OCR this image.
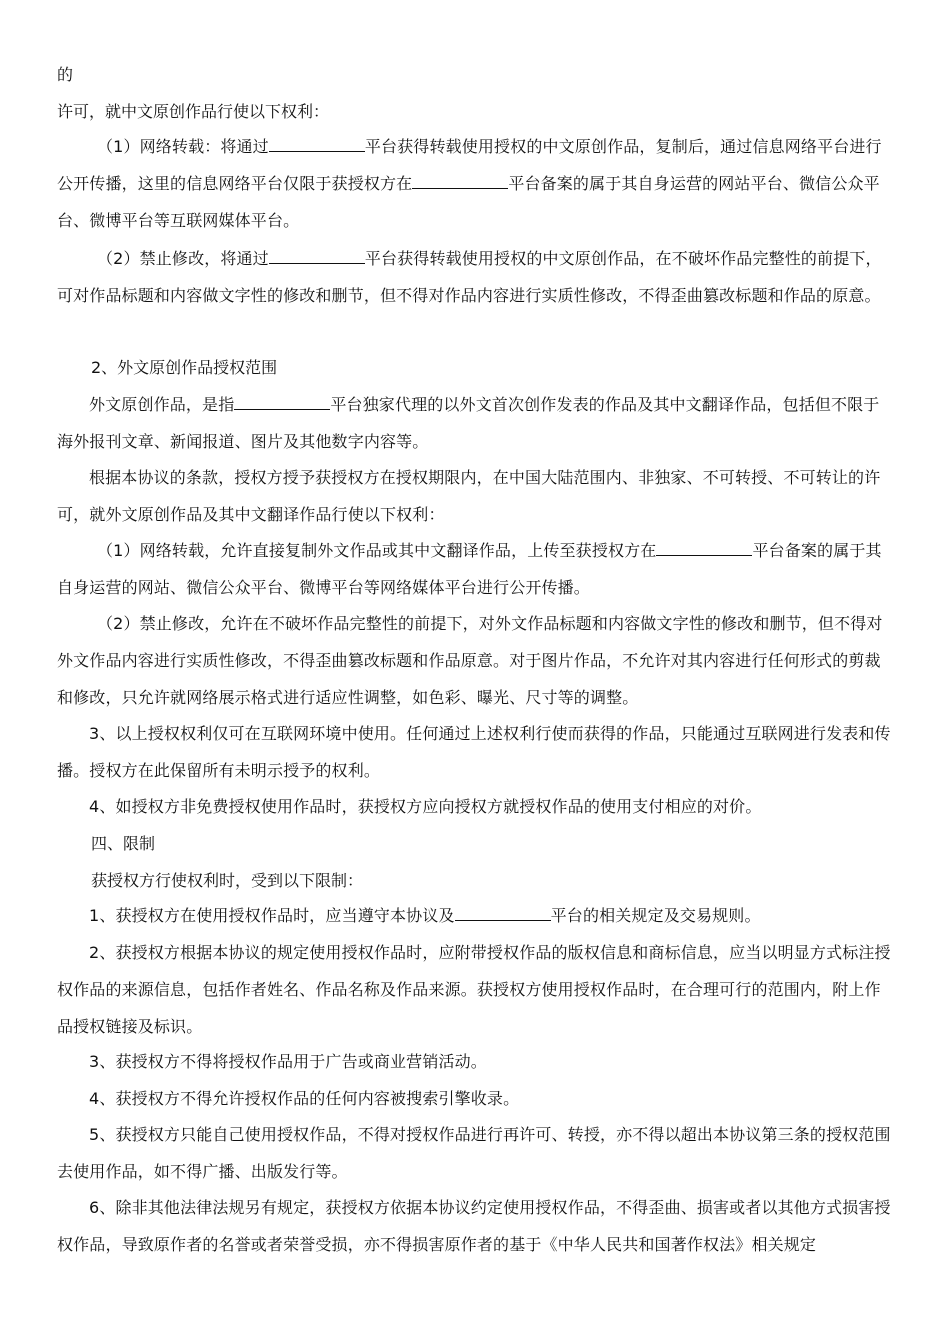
的

许可，就中文原创作品行使以下权利：

（1）网络转载：将通过	平台获得转载使用授权的中文原创作品，复制后，通过信息网络平台进行公开传播，这里的信息网络平台仅限于获授权方在	平台备案的属于其自身运营的网站平台、微信公众平台、微博平台等互联网媒体平台。

（2）禁止修改，将通过	平台获得转载使用授权的中文原创作品，在不破坏作品完整性的前提下，可对作品标题和内容做文字性的修改和删节，但不得对作品内容进行实质性修改，不得歪曲篡改标题和作品的原意。

2、外文原创作品授权范围

外文原创作品，是指	平台独家代理的以外文首次创作发表的作品及其中文翻译作品，包括但不限于海外报刊文章、新闻报道、图片及其他数字内容等。

根据本协议的条款，授权方授予获授权方在授权期限内，在中国大陆范围内、非独家、不可转授、不可转让的许可，就外文原创作品及其中文翻译作品行使以下权利：

（1）网络转载，允许直接复制外文作品或其中文翻译作品，上传至获授权方在	平台备案的属于其自身运营的网站、微信公众平台、微博平台等网络媒体平台进行公开传播。

（2）禁止修改，允许在不破坏作品完整性的前提下，对外文作品标题和内容做文字性的修改和删节，但不得对外文作品内容进行实质性修改，不得歪曲篡改标题和作品原意。对于图片作品，不允许对其内容进行任何形式的剪裁和修改，只允许就网络展示格式进行适应性调整，如色彩、曝光、尺寸等的调整。

3、以上授权权利仅可在互联网环境中使用。任何通过上述权利行使而获得的作品，只能通过互联网进行发表和传播。授权方在此保留所有未明示授予的权利。

4、如授权方非免费授权使用作品时，获授权方应向授权方就授权作品的使用支付相应的对价。

四、限制

获授权方行使权利时，受到以下限制：

1、获授权方在使用授权作品时，应当遵守本协议及	平台的相关规定及交易规则。

2、获授权方根据本协议的规定使用授权作品时，应附带授权作品的版权信息和商标信息，应当以明显方式标注授权作品的来源信息，包括作者姓名、作品名称及作品来源。获授权方使用授权作品时，在合理可行的范围内，附上作品授权链接及标识。

3、获授权方不得将授权作品用于广告或商业营销活动。

4、获授权方不得允许授权作品的任何内容被搜索引擎收录。

5、获授权方只能自己使用授权作品，不得对授权作品进行再许可、转授，亦不得以超出本协议第三条的授权范围去使用作品，如不得广播、出版发行等。

6、除非其他法律法规另有规定，获授权方依据本协议约定使用授权作品，不得歪曲、损害或者以其他方式损害授权作品，导致原作者的名誉或者荣誉受损，亦不得损害原作者的基于《中华人民共和国著作权法》相关规定
